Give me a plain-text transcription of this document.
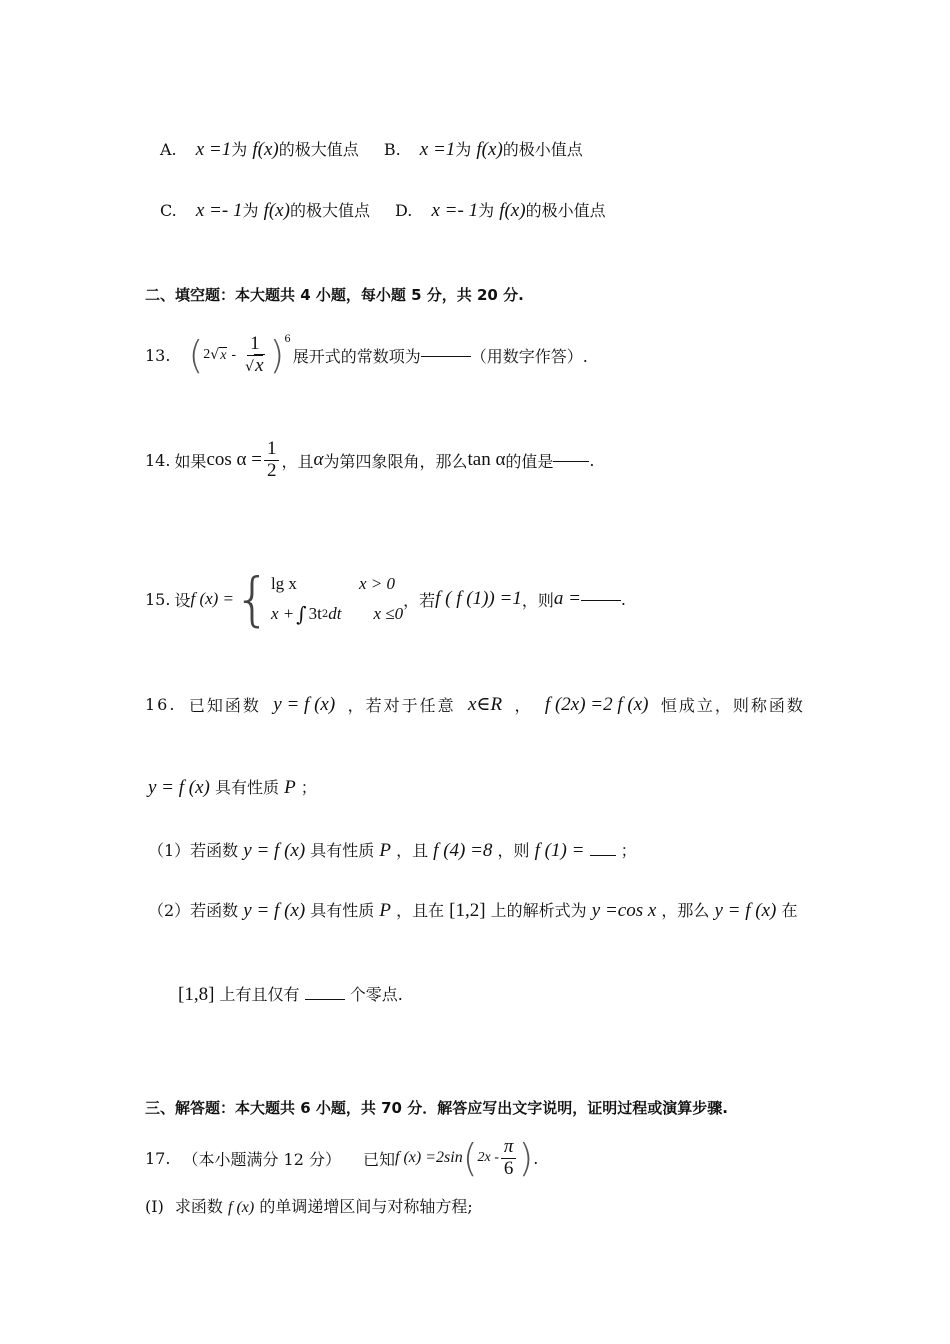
A. x =1为 f(x)的极大值点 B. x =1为 f(x)的极小值点
C. x =- 1为 f(x)的极大值点 D. x =- 1为 f(x)的极小值点
二、填空题：本大题共 4 小题，每小题 5 分，共 20 分.
13. ( 2 √ x - $\frac{1}{√x} )^6$
展开式的常数项为	（用数字作答）.
14. 如果 $\cos \alpha = \frac{1}{2}$ ，且 α 为第四象限角，那么 tan α 的值是 .
15. 设 f (x) = { lg x	x > 0
x + ∫ 3t 2 dt x ≤0
，若 f ( f (1)) =1 ，则 a =	.
16. 已知函数 y = f (x) ，若对于任意 x∈R ， f (2x) =2 f (x) 恒成立，则称函数
y = f (x) 具有性质 P ；
（1）若函数 y = f (x) 具有性质 P ，且 f (4) =8 ，则 f (1) = ；
（2）若函数 y = f (x) 具有性质 P ，且在 [1,2] 上的解析式为 y =cos x ，那么 y = f (x) 在
[1,8] 上有且仅有	个零点.
三、解答题：本大题共 6 小题，共 70 分．解答应写出文字说明，证明过程或演算步骤.
17. （本小题满分 12 分） 已知 f (x) =2sin ( $2x - \frac{\pi}{6}$ ) .
(Ⅰ) 求函数 f (x) 的单调递增区间与对称轴方程;
